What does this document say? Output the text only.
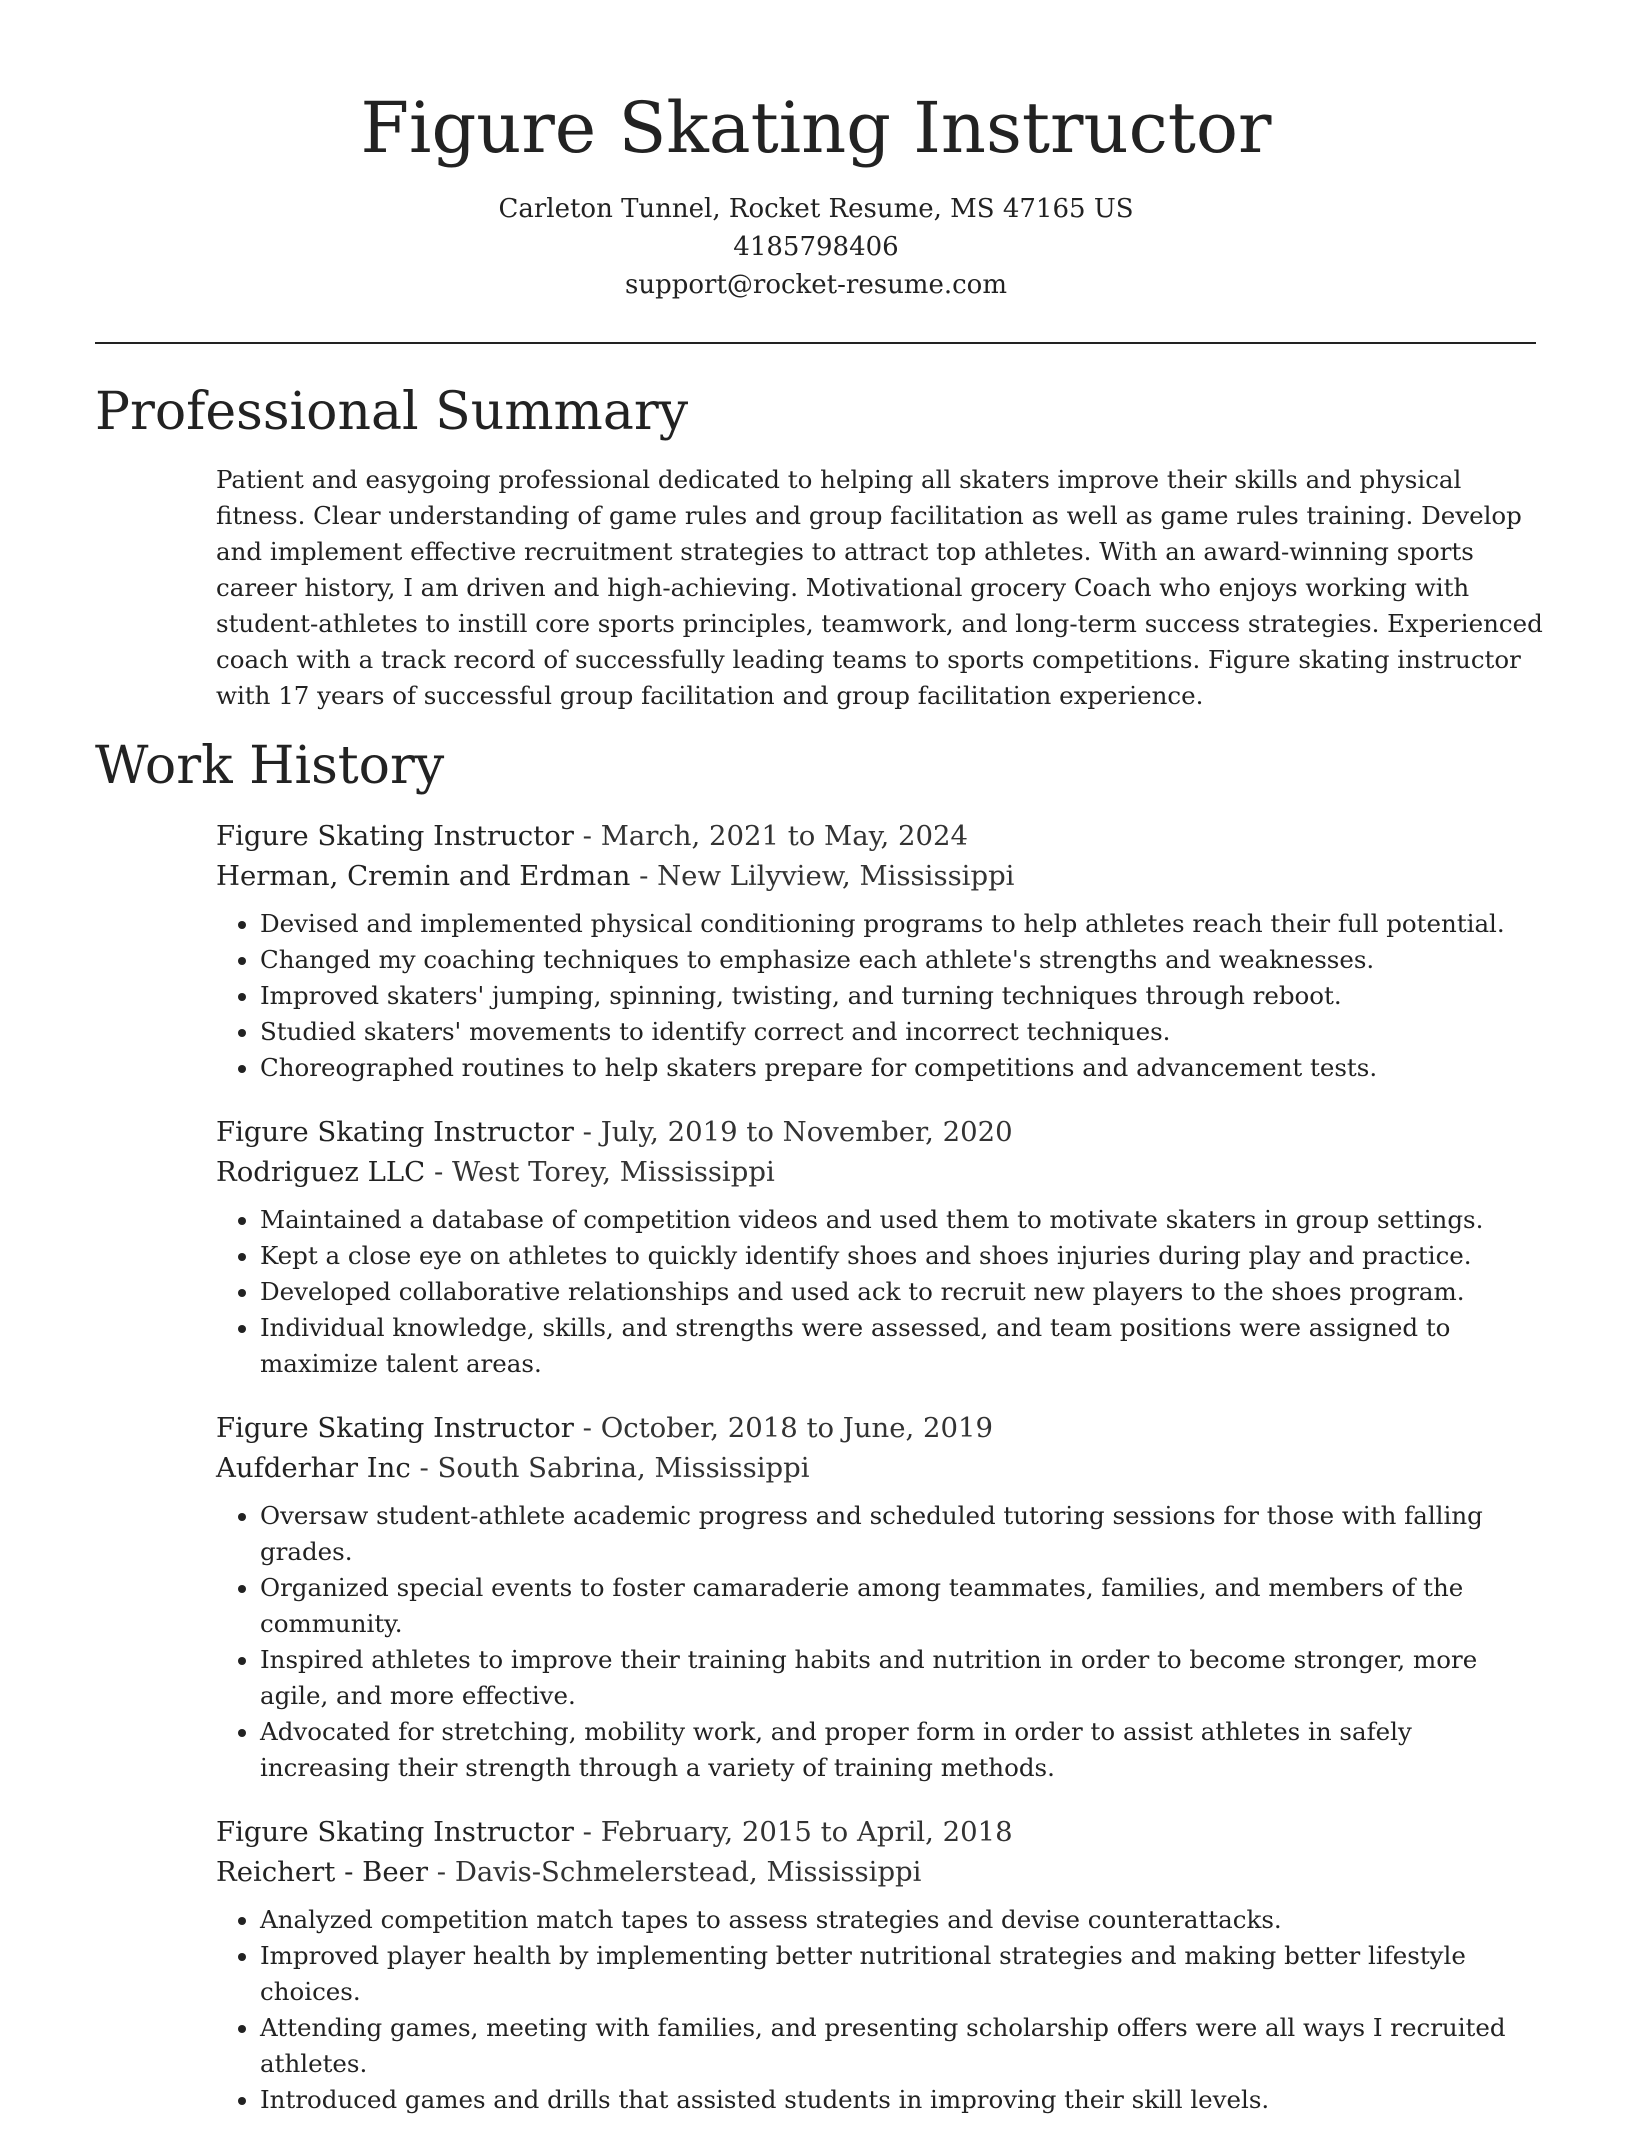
Figure Skating Instructor
Carleton Tunnel, Rocket Resume, MS 47165 US
4185798406
support@rocket-resume.com
Professional Summary
Patient and easygoing professional dedicated to helping all skaters improve their skills and physical fitness. Clear understanding of game rules and group facilitation as well as game rules training. Develop and implement effective recruitment strategies to attract top athletes. With an award-winning sports career history, I am driven and high-achieving. Motivational grocery Coach who enjoys working with student-athletes to instill core sports principles, teamwork, and long-term success strategies. Experienced coach with a track record of successfully leading teams to sports competitions. Figure skating instructor with 17 years of successful group facilitation and group facilitation experience.
Work History
Figure Skating Instructor - March, 2021 to May, 2024
Herman, Cremin and Erdman - New Lilyview, Mississippi
• Devised and implemented physical conditioning programs to help athletes reach their full potential.
• Changed my coaching techniques to emphasize each athlete's strengths and weaknesses.
• Improved skaters' jumping, spinning, twisting, and turning techniques through reboot.
• Studied skaters' movements to identify correct and incorrect techniques.
• Choreographed routines to help skaters prepare for competitions and advancement tests.
Figure Skating Instructor - July, 2019 to November, 2020
Rodriguez LLC - West Torey, Mississippi
• Maintained a database of competition videos and used them to motivate skaters in group settings.
• Kept a close eye on athletes to quickly identify shoes and shoes injuries during play and practice.
• Developed collaborative relationships and used ack to recruit new players to the shoes program.
• Individual knowledge, skills, and strengths were assessed, and team positions were assigned to maximize talent areas.
Figure Skating Instructor - October, 2018 to June, 2019
Aufderhar Inc - South Sabrina, Mississippi
• Oversaw student-athlete academic progress and scheduled tutoring sessions for those with falling grades.
• Organized special events to foster camaraderie among teammates, families, and members of the community.
• Inspired athletes to improve their training habits and nutrition in order to become stronger, more agile, and more effective.
• Advocated for stretching, mobility work, and proper form in order to assist athletes in safely increasing their strength through a variety of training methods.
Figure Skating Instructor - February, 2015 to April, 2018
Reichert - Beer - Davis-Schmelerstead, Mississippi
• Analyzed competition match tapes to assess strategies and devise counterattacks.
• Improved player health by implementing better nutritional strategies and making better lifestyle choices.
• Attending games, meeting with families, and presenting scholarship offers were all ways I recruited athletes.
• Introduced games and drills that assisted students in improving their skill levels.
